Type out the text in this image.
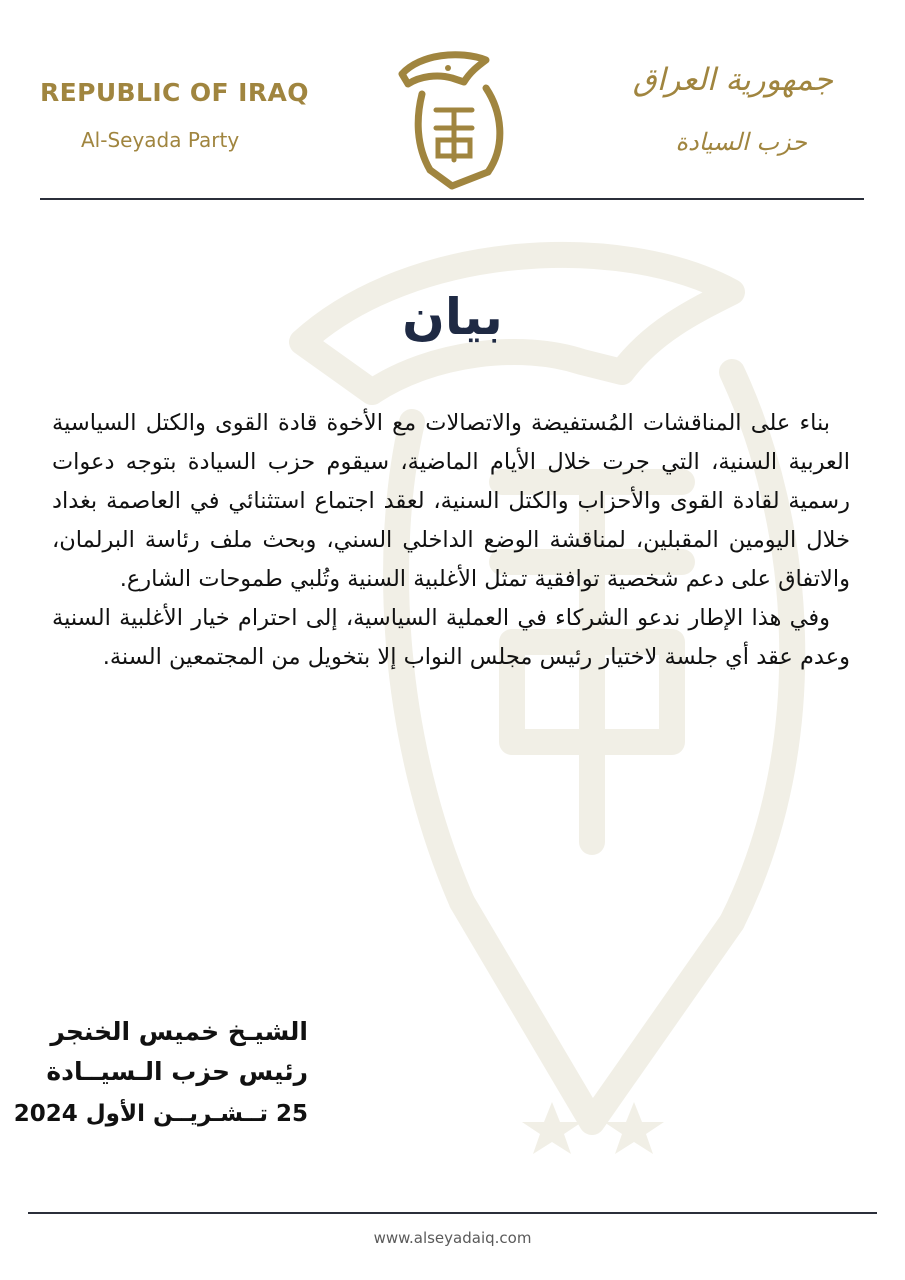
REPUBLIC OF IRAQ
Al-Seyada Party
جمهورية العراق
حزب السيادة
بيان

بناء على المناقشات المُستفيضة والاتصالات مع الأخوة قادة القوى والكتل السياسية العربية السنية، التي جرت خلال الأيام الماضية، سيقوم حزب السيادة بتوجه دعوات رسمية لقادة القوى والأحزاب والكتل السنية، لعقد اجتماع استثنائي في العاصمة بغداد خلال اليومين المقبلين، لمناقشة الوضع الداخلي السني، وبحث ملف رئاسة البرلمان، والاتفاق على دعم شخصية توافقية تمثل الأغلبية السنية وتُلبي طموحات الشارع.

وفي هذا الإطار ندعو الشركاء في العملية السياسية، إلى احترام خيار الأغلبية السنية وعدم عقد أي جلسة لاختيار رئيس مجلس النواب إلا بتخويل من المجتمعين السنة.

الشيـخ خميس الخنجر
رئيس حزب الـسيــادة
25 تــشـريــن الأول 2024
www.alseyadaiq.com
